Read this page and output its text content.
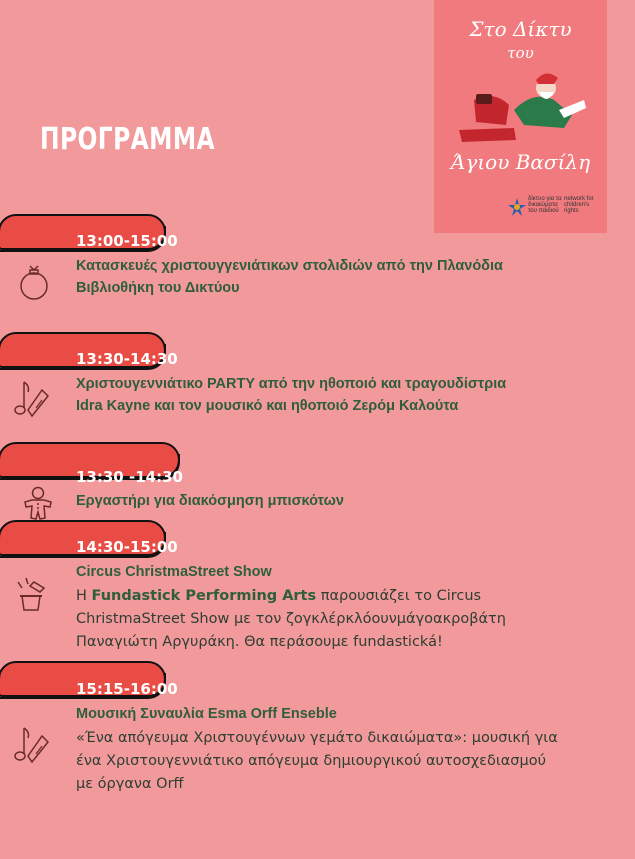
ΠΡΟΓΡΑΜΜΑ
Στο Δίκτυ
του
Άγιου Βασίλη
δίκτυο για τα δικαιώματα του παιδιού
network for children's rights
13:00-15:00
Κατασκευές χριστουγγενιάτικων στολιδιών από την Πλανόδια
Βιβλιοθήκη του Δικτύου
13:30-14:30
Χριστουγεννιάτικο PARTY από την ηθοποιό και τραγουδίστρια
Idra Kayne και τον μουσικό και ηθοποιό Ζερόμ Καλούτα
13:30 -14:30
Εργαστήρι για διακόσμηση μπισκότων
14:30-15:00
Circus ChristmaStreet Show
Η Fundastick Performing Arts παρουσιάζει το Circus
ChristmaStreet Show με τον ζογκλέρκλόουνμάγοακροβάτη
Παναγιώτη Αργυράκη. Θα περάσουμε fundastická!
15:15-16:00
Μουσική Συναυλία Esma Orff Enseble
«Ένα απόγευμα Χριστουγέννων γεμάτο δικαιώματα»: μουσική για
ένα Χριστουγεννιάτικο απόγευμα δημιουργικού αυτοσχεδιασμού
με όργανα Orff
